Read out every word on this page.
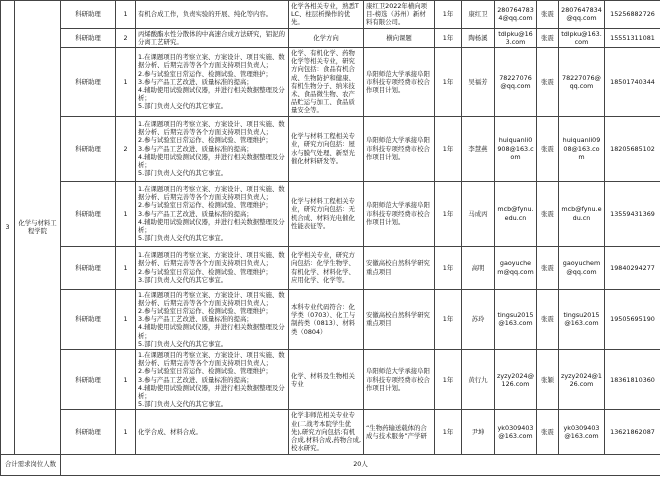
3	化学与材料工程学院	科研助理	1	有机合成工作，负责实验的开展、纯化等内容。	化学各相关专业，熟悉TLC、柱层析操作的优先。	康红卫2022年横向项目-榜选（苏州）新材料有限公司。	1年	康红卫	2807647834@qq.com	张震	2807647834@qq.com	15256882726
		科研助理	2	丙烯酸酯水性分散体的中高速合成方法研究，铝泥的分离工艺研究。	化学方向	横向课题	1年	陶杨溪	tdlpku@163.com	张震	tdlpku@163.com	15551311081
		科研助理	1	1.在课题项目的考察立案、方案设计、项目实施、数据分析、后期完善等各个方面支持项目负责人；
2.参与试验室日常运作、检测试验、管理维护；
3.参与产品工艺改进、质量标准的提高；
4.辅助使用试验测试仪器，并进行相关数据整理及分析；
5.部门负责人交代的其它事宜。	化学、有机化学、药物化学等相关专业，研究方向包括：食品有机合成、生物防护和健康、有机生物分子、纳米技术、食品微生物、农产品贮运与加工、食品质量安全等。	阜阳师范大学承接阜阳市科技专项经费市校合作项目计划。	1年	吴福芳	78227076@qq.com	张震	78227076@qq.com	18501740344
		科研助理	2	1.在课题项目的考察立案、方案设计、项目实施、数据分析、后期完善等各个方面支持项目负责人；
2.参与试验室日常运作、检测试验、管理维护；
3.参与产品工艺改进、质量标准的提高；
4.辅助使用试验测试仪器，并进行相关数据整理及分析；
5.部门负责人交代的其它事宜。	化学与材料工程相关专业，研究方向包括：屋水与膜气处理、新型光催化材料研发等。	阜阳师范大学承接阜阳市科技专项经费市校合作项目计划。	1年	李慧燕	huiquanli0908@163.com	张震	huiquanli0908@163.com	18205685102
		科研助理	1	1.在课题项目的考察立案、方案设计、项目实施、数据分析、后期完善等各个方面支持项目负责人；
2.参与试验室日常运作、检测试验、管理维护；
3.参与产品工艺改进、质量标准的提高；
4.辅助使用试验测试仪器，并进行相关数据整理及分析；
5.部门负责人交代的其它事宜。	化学与材料工程相关专业，研究方向包括：无机合成、材料光电催化性能表征等。	阜阳师范大学承接阜阳市科技专项经费市校合作项目计划。	1年	马成丙	mcb@fynu.edu.cn	张震	mcb@fynu.edu.cn	13559431369
		科研助理	1	1.在课题项目的考察立案、方案设计、项目实施、数据分析、后期完善等各个方面支持项目负责人；
2.参与试验室日常运作、检测试验、管理维护；
3.部门负责人交代的其它事宜。	化学相关专业，研究方向包括：化学生物学、有机化学、材料化学、应用化学、化学等。	安徽高校自然科学研究重点项目	1年	高明	gaoyuchem@qq.com	张震	gaoyuchem@qq.com	19840294277
		科研助理	1	1.在课题项目的考察立案、方案设计、项目实施、数据分析、后期完善等各个方面支持项目负责人；
2.参与试验室日常运作、检测试验、管理维护；
3.参与产品工艺改进、质量标准的提高；
4.辅助使用试验测试仪器，并进行相关数据整理及分析；
5.部门负责人交代的其它事宜。	本科专业代码符合：化学类（0703）、化工与制药类（0813）、材料类（0804）	安徽高校自然科学研究重点项目	1年	苏玲	tingsu2015@163.com	张震	tingsu2015@163.com	19505695190
		科研助理	1	1.在课题项目的考察立案、方案设计、项目实施、数据分析、后期完善等各个方面支持项目负责人；
2.参与试验室日常运作、检测试验、管理维护；
3.参与产品工艺改进、质量标准的提高；
4.辅助使用试验测试仪器，并进行相关数据整理及分析；
5.部门负责人交代的其它事宜。	化学、材料及生物相关专业	阜阳师范大学承接阜阳市科技专项经费市校合作项目计划。	1年	黄行九	zyzy2024@126.com	张颖	zyzy2024@126.com	18361810360
		科研助理	1	化学合成、材料合成。	化学非师范相关专业专业(二战考本院学生优先),研究方向包括:有机合成,材料合成,药物合成,校水研究。	“生物药输送载体的合成与技术服务”产学研	1年	尹坤	yk0309403@163.com	张震	yk0309403@163.com	13621862087
合计需求岗位人数		20人										
